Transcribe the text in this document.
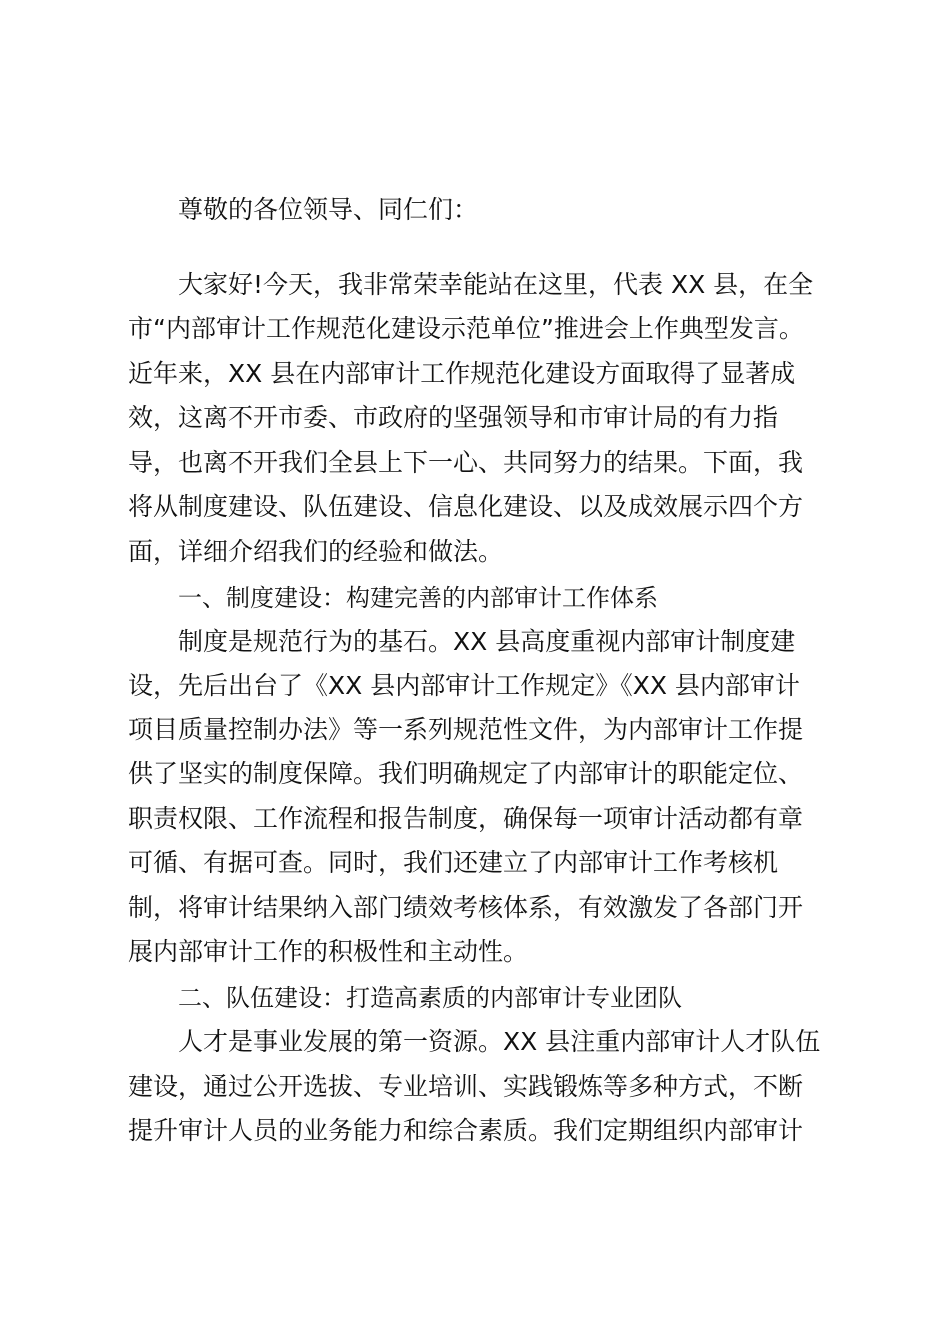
尊敬的各位领导、同仁们：
大家好!今天，我非常荣幸能站在这里，代表 XX 县，在全
市“内部审计工作规范化建设示范单位”推进会上作典型发言。
近年来，XX 县在内部审计工作规范化建设方面取得了显著成
效，这离不开市委、市政府的坚强领导和市审计局的有力指
导，也离不开我们全县上下一心、共同努力的结果。下面，我
将从制度建设、队伍建设、信息化建设、以及成效展示四个方
面，详细介绍我们的经验和做法。
一、制度建设：构建完善的内部审计工作体系
制度是规范行为的基石。XX 县高度重视内部审计制度建
设，先后出台了《XX 县内部审计工作规定》《XX 县内部审计
项目质量控制办法》等一系列规范性文件，为内部审计工作提
供了坚实的制度保障。我们明确规定了内部审计的职能定位、
职责权限、工作流程和报告制度，确保每一项审计活动都有章
可循、有据可查。同时，我们还建立了内部审计工作考核机
制，将审计结果纳入部门绩效考核体系，有效激发了各部门开
展内部审计工作的积极性和主动性。
二、队伍建设：打造高素质的内部审计专业团队
人才是事业发展的第一资源。XX 县注重内部审计人才队伍
建设，通过公开选拔、专业培训、实践锻炼等多种方式，不断
提升审计人员的业务能力和综合素质。我们定期组织内部审计
